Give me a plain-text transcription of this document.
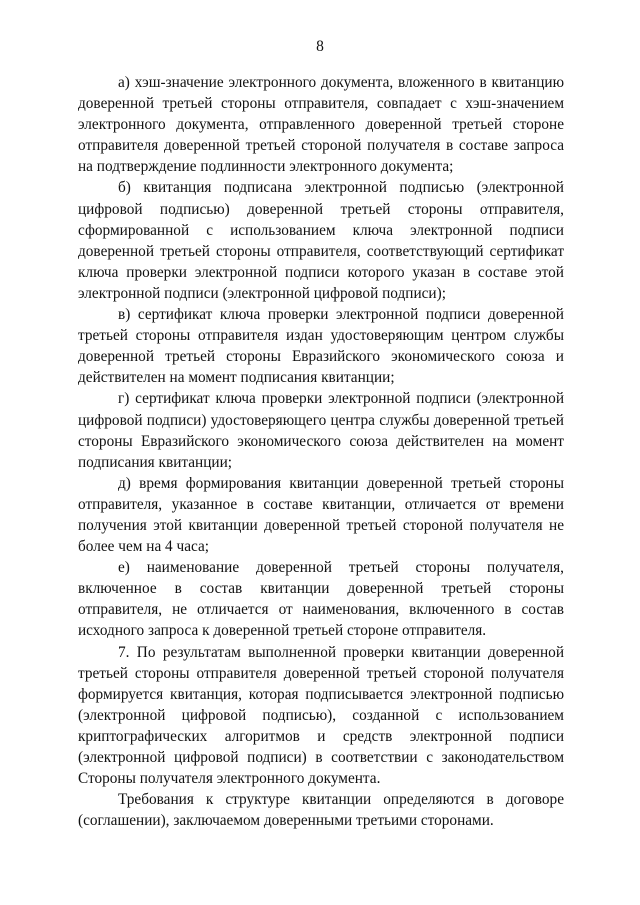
8

а) хэш-значение электронного документа, вложенного в квитанцию доверенной третьей стороны отправителя, совпадает с хэш-значением электронного документа, отправленного доверенной третьей стороне отправителя доверенной третьей стороной получателя в составе запроса на подтверждение подлинности электронного документа;

б) квитанция подписана электронной подписью (электронной цифровой подписью) доверенной третьей стороны отправителя, сформированной с использованием ключа электронной подписи доверенной третьей стороны отправителя, соответствующий сертификат ключа проверки электронной подписи которого указан в составе этой электронной подписи (электронной цифровой подписи);

в) сертификат ключа проверки электронной подписи доверенной третьей стороны отправителя издан удостоверяющим центром службы доверенной третьей стороны Евразийского экономического союза и действителен на момент подписания квитанции;

г) сертификат ключа проверки электронной подписи (электронной цифровой подписи) удостоверяющего центра службы доверенной третьей стороны Евразийского экономического союза действителен на момент подписания квитанции;

д) время формирования квитанции доверенной третьей стороны отправителя, указанное в составе квитанции, отличается от времени получения этой квитанции доверенной третьей стороной получателя не более чем на 4 часа;

е) наименование доверенной третьей стороны получателя, включенное в состав квитанции доверенной третьей стороны отправителя, не отличается от наименования, включенного в состав исходного запроса к доверенной третьей стороне отправителя.

7. По результатам выполненной проверки квитанции доверенной третьей стороны отправителя доверенной третьей стороной получателя формируется квитанция, которая подписывается электронной подписью (электронной цифровой подписью), созданной с использованием криптографических алгоритмов и средств электронной подписи (электронной цифровой подписи) в соответствии с законодательством Стороны получателя электронного документа.

Требования к структуре квитанции определяются в договоре (соглашении), заключаемом доверенными третьими сторонами.
